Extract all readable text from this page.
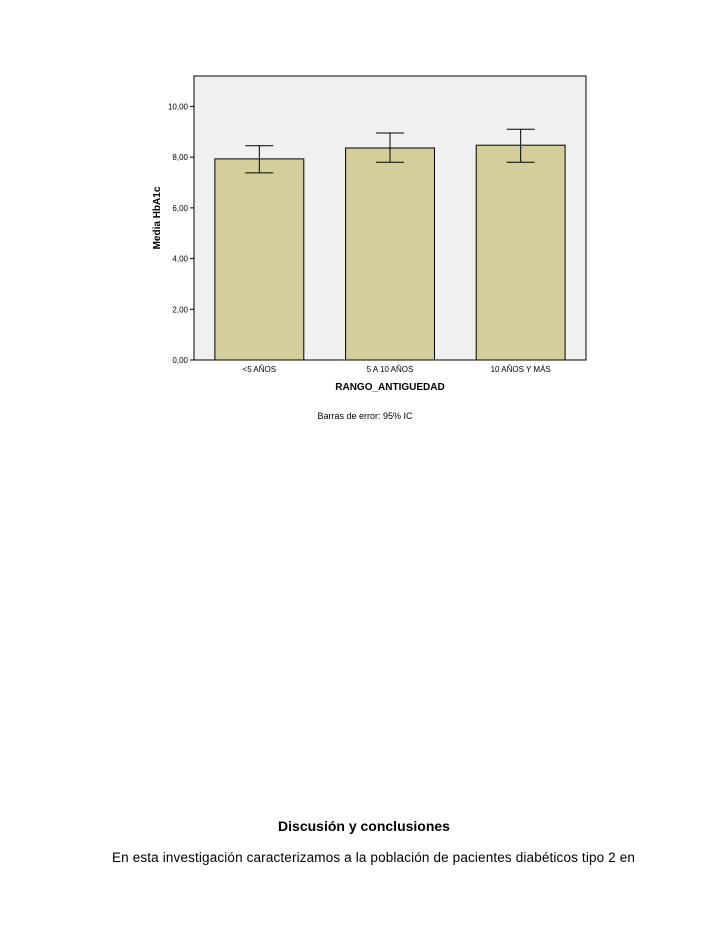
0,00
2,00
4,00
6,00
8,00
10,00
<5 AÑOS	5 A 10 AÑOS	10 AÑOS Y MÁS
Media HbA1c
RANGO_ANTIGUEDAD
Barras de error: 95% IC
Discusión y conclusiones
En esta investigación caracterizamos a la población de pacientes diabéticos tipo 2 en
